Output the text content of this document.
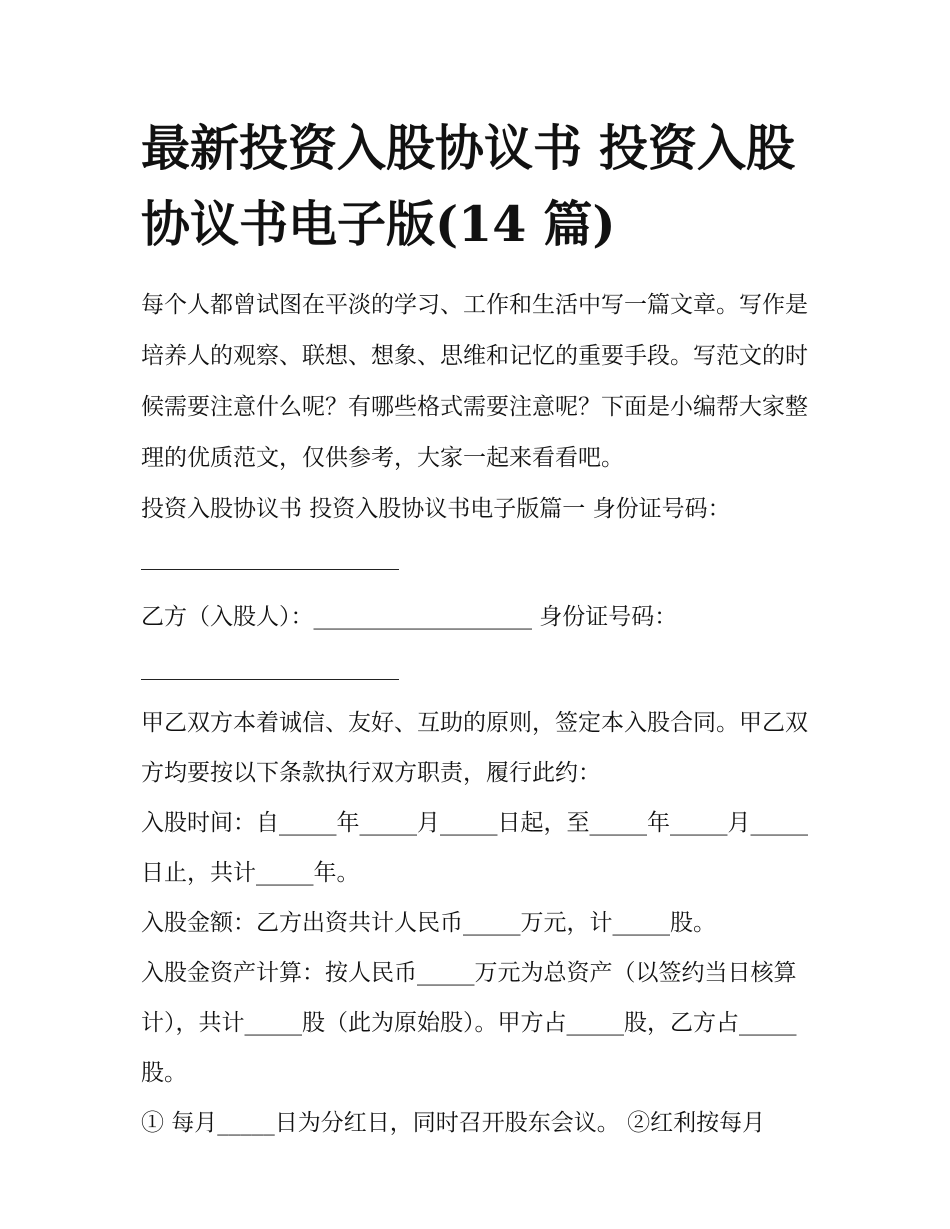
最新投资入股协议书 投资入股协议书电子版(14 篇)

每个人都曾试图在平淡的学习、工作和生活中写一篇文章。写作是培养人的观察、联想、想象、思维和记忆的重要手段。写范文的时候需要注意什么呢？有哪些格式需要注意呢？下面是小编帮大家整理的优质范文，仅供参考，大家一起来看看吧。

投资入股协议书 投资入股协议书电子版篇一 身份证号码：

乙方（入股人）：___________________ 身份证号码：

甲乙双方本着诚信、友好、互助的原则，签定本入股合同。甲乙双方均要按以下条款执行双方职责，履行此约：

入股时间：自_____年_____月_____日起，至_____年_____月_____日止，共计_____年。

入股金额：乙方出资共计人民币_____万元，计_____股。

入股金资产计算：按人民币_____万元为总资产（以签约当日核算计），共计_____股（此为原始股）。甲方占_____股，乙方占_____股。

① 每月_____日为分红日，同时召开股东会议。 ②红利按每月
